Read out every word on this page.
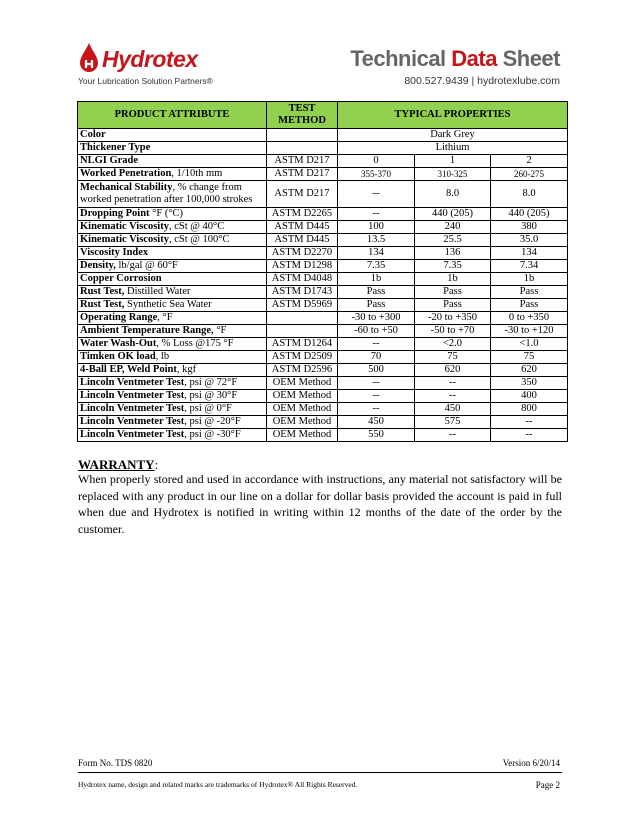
Hydrotex
Your Lubrication Solution Partners®
Technical Data Sheet
800.527.9439 | hydrotexlube.com
PRODUCT ATTRIBUTE	TEST METHOD	TYPICAL PROPERTIES		
Color		Dark Grey		
Thickener Type		Lithium		
NLGI Grade	ASTM D217	0	1	2
Worked Penetration, 1/10th mm	ASTM D217	355-370	310-325	260-275
Mechanical Stability, % change from worked penetration after 100,000 strokes	ASTM D217	--	8.0	8.0
Dropping Point °F (°C)	ASTM D2265	--	440 (205)	440 (205)
Kinematic Viscosity, cSt @ 40°C	ASTM D445	100	240	380
Kinematic Viscosity, cSt @ 100°C	ASTM D445	13.5	25.5	35.0
Viscosity Index	ASTM D2270	134	136	134
Density, lb/gal @ 60°F	ASTM D1298	7.35	7.35	7.34
Copper Corrosion	ASTM D4048	1b	1b	1b
Rust Test, Distilled Water	ASTM D1743	Pass	Pass	Pass
Rust Test, Synthetic Sea Water	ASTM D5969	Pass	Pass	Pass
Operating Range, °F		-30 to +300	-20 to +350	0 to +350
Ambient Temperature Range, °F		-60 to +50	-50 to +70	-30 to +120
Water Wash-Out, % Loss @175 °F	ASTM D1264	--	<2.0	<1.0
Timken OK load, lb	ASTM D2509	70	75	75
4-Ball EP, Weld Point, kgf	ASTM D2596	500	620	620
Lincoln Ventmeter Test, psi @ 72°F	OEM Method	--	--	350
Lincoln Ventmeter Test, psi @ 30°F	OEM Method	--	--	400
Lincoln Ventmeter Test, psi @ 0°F	OEM Method	--	450	800
Lincoln Ventmeter Test, psi @ -20°F	OEM Method	450	575	--
Lincoln Ventmeter Test, psi @ -30°F	OEM Method	550	--	--
WARRANTY:
When properly stored and used in accordance with instructions, any material not satisfactory will be replaced with any product in our line on a dollar for dollar basis provided the account is paid in full when due and Hydrotex is notified in writing within 12 months of the date of the order by the customer.
Form No. TDS 0820	Version 6/20/14
Hydrotex name, design and related marks are trademarks of Hydrotex® All Rights Reserved.	Page 2
